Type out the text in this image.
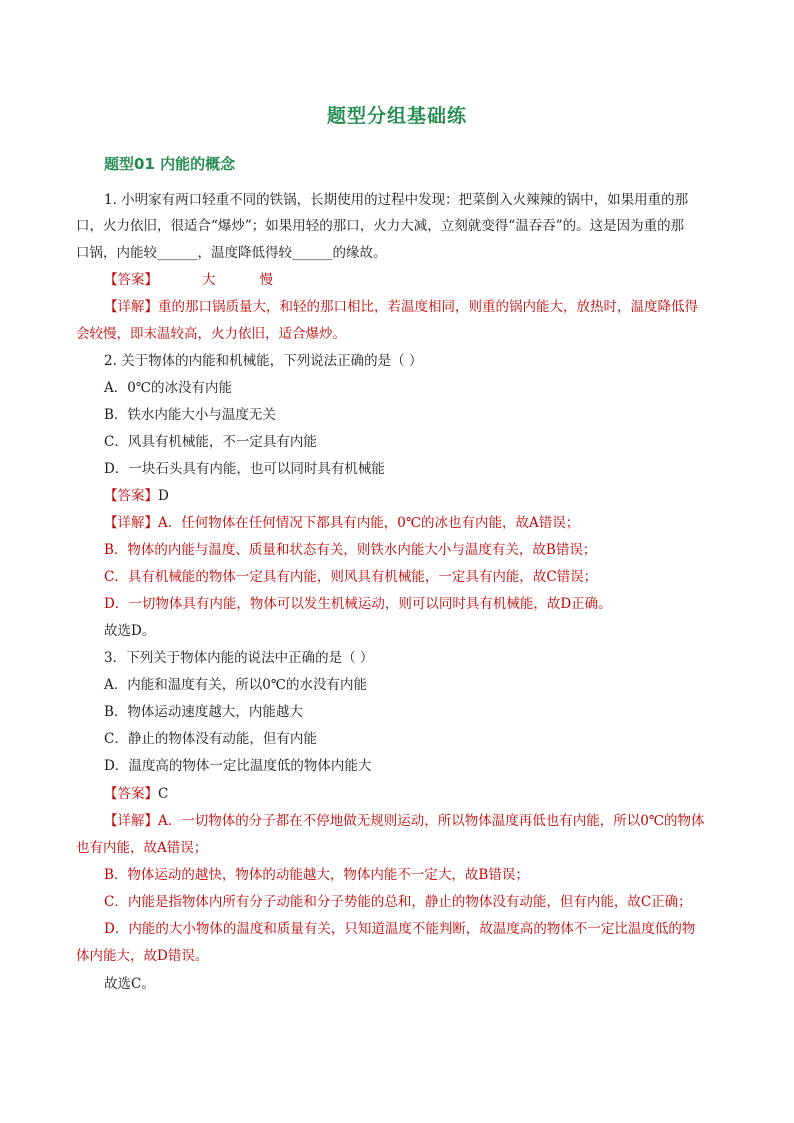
题型分组基础练
题型01 内能的概念
1. 小明家有两口轻重不同的铁锅，长期使用的过程中发现：把菜倒入火辣辣的锅中，如果用重的那
口，火力依旧，很适合“爆炒”；如果用轻的那口，火力大减，立刻就变得“温吞吞”的。这是因为重的那
口锅，内能较______，温度降低得较______的缘故。
【答案】	大	慢
【详解】重的那口锅质量大，和轻的那口相比，若温度相同，则重的锅内能大，放热时，温度降低得
会较慢，即末温较高，火力依旧，适合爆炒。
2. 关于物体的内能和机械能，下列说法正确的是（ ）
A．0℃的冰没有内能
B．铁水内能大小与温度无关
C．风具有机械能，不一定具有内能
D．一块石头具有内能，也可以同时具有机械能
【答案】D
【详解】A．任何物体在任何情况下都具有内能，0℃的冰也有内能，故A错误；
B．物体的内能与温度、质量和状态有关，则铁水内能大小与温度有关，故B错误；
C．具有机械能的物体一定具有内能，则风具有机械能，一定具有内能，故C错误；
D．一切物体具有内能，物体可以发生机械运动，则可以同时具有机械能，故D正确。
故选D。
3．下列关于物体内能的说法中正确的是（ ）
A．内能和温度有关，所以0℃的水没有内能
B．物体运动速度越大，内能越大
C．静止的物体没有动能，但有内能
D．温度高的物体一定比温度低的物体内能大
【答案】C
【详解】A．一切物体的分子都在不停地做无规则运动，所以物体温度再低也有内能，所以0℃的物体
也有内能，故A错误；
B．物体运动的越快，物体的动能越大，物体内能不一定大，故B错误；
C．内能是指物体内所有分子动能和分子势能的总和，静止的物体没有动能，但有内能，故C正确；
D．内能的大小物体的温度和质量有关，只知道温度不能判断，故温度高的物体不一定比温度低的物
体内能大，故D错误。
故选C。
